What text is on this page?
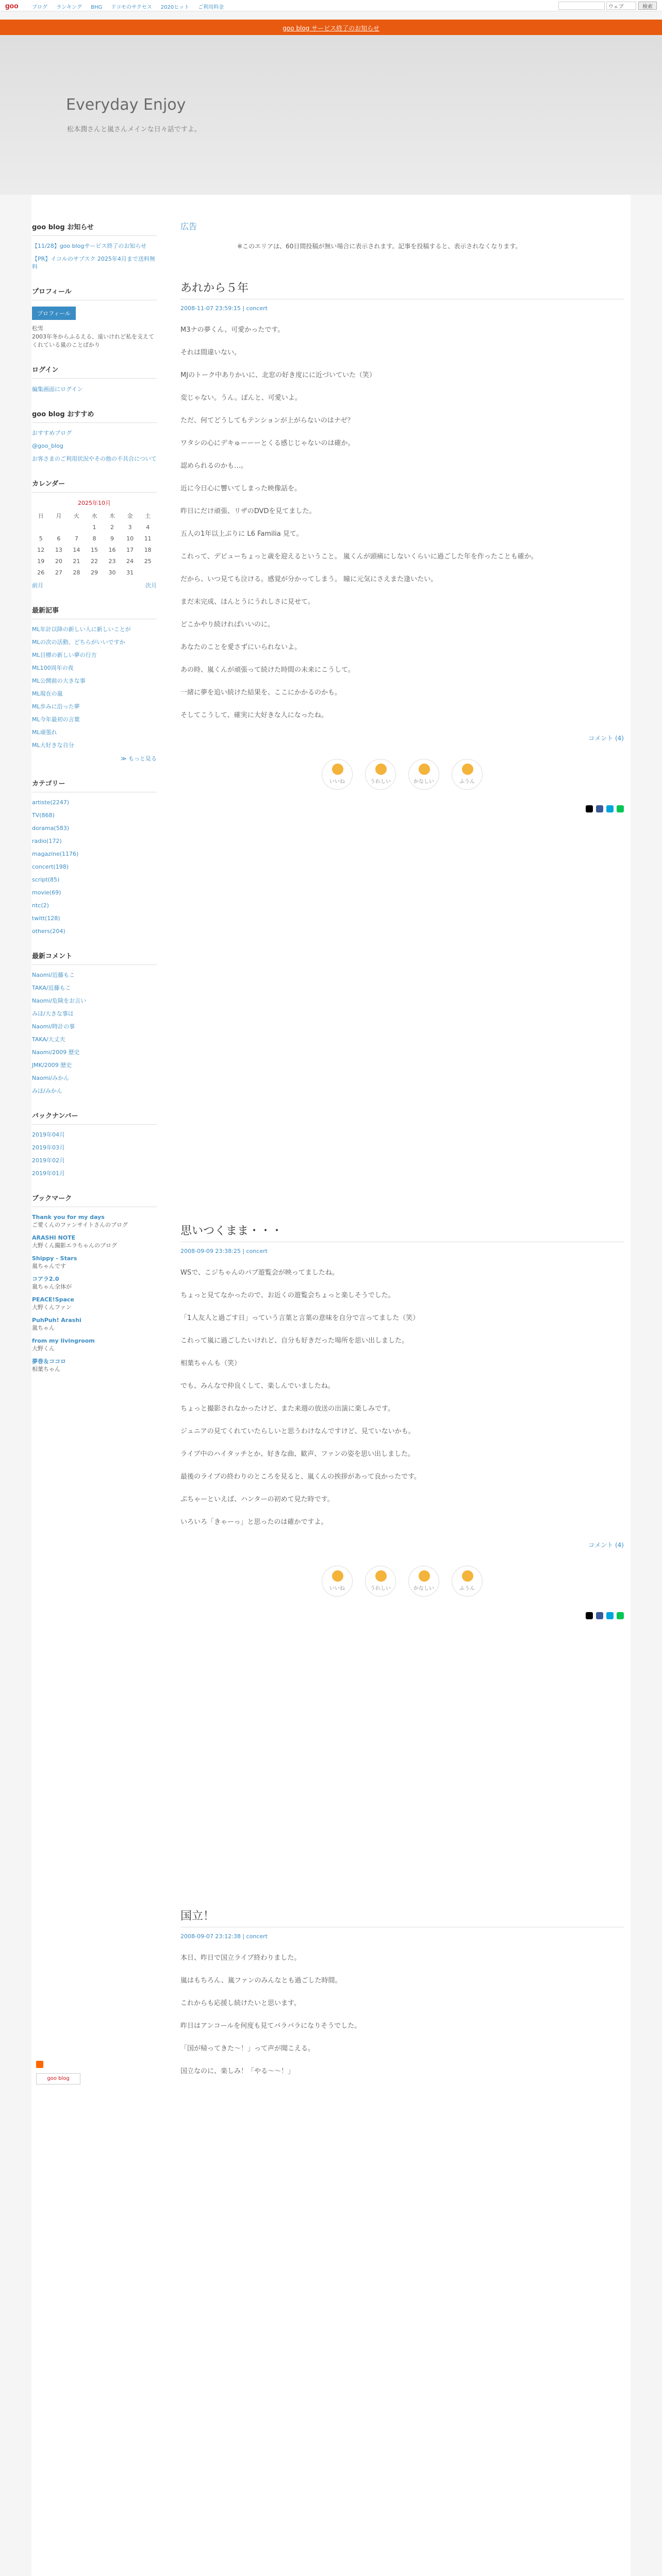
goo	ブログ ランキング BHG ドコモのサクセス 2020ヒット ご利用料金	ウェブ	検索
goo blog サービス終了のお知らせ
Everyday Enjoy
松本潤さんと嵐さんメインな日々話ですよ。
goo blog お知らせ
【11/28】goo blogサービス終了のお知らせ
【PR】イコルのサブスク 2025年4月まで送料無料
プロフィール
プロフィール
松雪
2003年冬からふるえる、遠いけれど私を支えてくれている嵐のことばかり
ログイン
編集画面にログイン
goo blog おすすめ
おすすめブログ
@goo_blog
お客さまのご利用状況やその他の不具合について
カレンダー
2025年10月
日	月	火	水	木	金	土
			1	2	3	4
5	6	7	8	9	10	11
12	13	14	15	16	17	18
19	20	21	22	23	24	25
26	27	28	29	30	31	
前月	次月
最新記事
ML年計以降の新しい人に新しいことが
MLの次の活動、どちらがいいですか
ML目標の新しい夢の行方
ML100周年の夜
ML公開前の大きな事
ML現在の嵐
ML歩みに沿った夢
ML今年最初の言葉
ML頑張れ
ML大好きな自分
≫ もっと見る
カテゴリー
artiste(2247)
TV(868)
dorama(583)
radio(172)
magazine(1176)
concert(198)
script(85)
movie(69)
ntc(2)
twitt(128)
others(204)
最新コメント
Naomi/近藤もこ
TAKA/近藤もこ
Naomi/危険をお言い
みほ/大きな事は
Naomi/時計の事
TAKA/大丈夫
Naomi/2009 歴史
JMK/2009 歴史
Naomi/みかん
みほ/みかん
バックナンバー
2019年04月
2019年03月
2019年02月
2019年01月
ブックマーク
Thank you for my days
ご愛くんのファンサイトさんのブログ
ARASHI NOTE
大野くん撮影エラちゃんのブログ
Shippy - Stars
嵐ちゃんです
コアラ2.0
嵐ちゃん全体が
PEACE!Space
大野くんファン
PuhPuh! Arashi
嵐ちゃん
from my livingroom
大野くん
夢巻＆ココロ
相葉ちゃん
広告
※このエリアは、60日間投稿が無い場合に表示されます。記事を投稿すると、表示されなくなります。
あれから５年
2008-11-07 23:59:15 | concert

M3ナの夢くん、可愛かったです。

それは間違いない。

MJのトーク中ありかいに、北窓の好き度にに近づいていた（笑）

変じゃない。うん。ぽんと、可愛いよ。

ただ、何てどうしてもテンションが上がらないのはナゼ？

ワタシの心にデキゅーーーとくる感じじゃないのは確か。

認められるのかも…。

近に今日心に響いてしまった映像話を。

昨日にだけ頑張、リザのDVDを見てました。

五人の1年以上ぶりに L6 Familia 見て。

これって、デビューちょっと歳を迎えるということ。 嵐くんが頭痛にしないくらいに過ごした年を作ったことも確か。

だから、いつ見ても泣ける。感覚が分かってしまう。 瞳に元気にさえまた逢いたい。

まだ未完成、ほんとうにうれしさに見せて。

どこかやり続ければいいのに。

あなたのことを愛さずにいられないよ。

あの時、嵐くんが頑張って続けた時間の未来にこうして。

一緒に夢を追い続けた結果を、ここにかかるのかも。

そしてこうして、確実に大好きな人になったね。

コメント (4)
いいね	うれしい	かなしい	ふうん
思いつくまま・・・
2008-09-09 23:38:25 | concert

WSで、こジちゃんのパブ遊覧会が映ってましたね。

ちょっと見てなかったので、お近くの遊覧会ちょっと楽しそうでした。

「1人友人と過ごす日」っていう言葉と言葉の意味を自分で言ってました（笑）

これって嵐に過ごしたいけれど、自分も好きだった場所を思い出しました。

相葉ちゃんも（笑）

でも、みんなで仲良くして、楽しんでいましたね。

ちょっと撮影されなかったけど、また来週の放送の出演に楽しみです。

ジュニアの見てくれていたらしいと思うわけなんですけど、見ていないかも。

ライブ中のハイタッチとか、好きな曲、歓声、ファンの姿を思い出しました。

最後のライブの終わりのところを見ると、嵐くんの挨拶があって良かったです。

ぷちゃーといえば、ハンターの初めて見た時です。

いろいろ「きゃーっ」と思ったのは確かですよ。

コメント (4)
いいね	うれしい	かなしい	ふうん
国立！
2008-09-07 23:12:38 | concert

本日、昨日で国立ライブ終わりました。

嵐はもちろん、嵐ファンのみんなとも過ごした時間。

これからも応援し続けたいと思います。

昨日はアンコールを何度も見てバラバラになりそうでした。

「国が帰ってきた〜！」って声が聞こえる。

国立なのに、楽しみ！「やる〜〜！」

goo blog
